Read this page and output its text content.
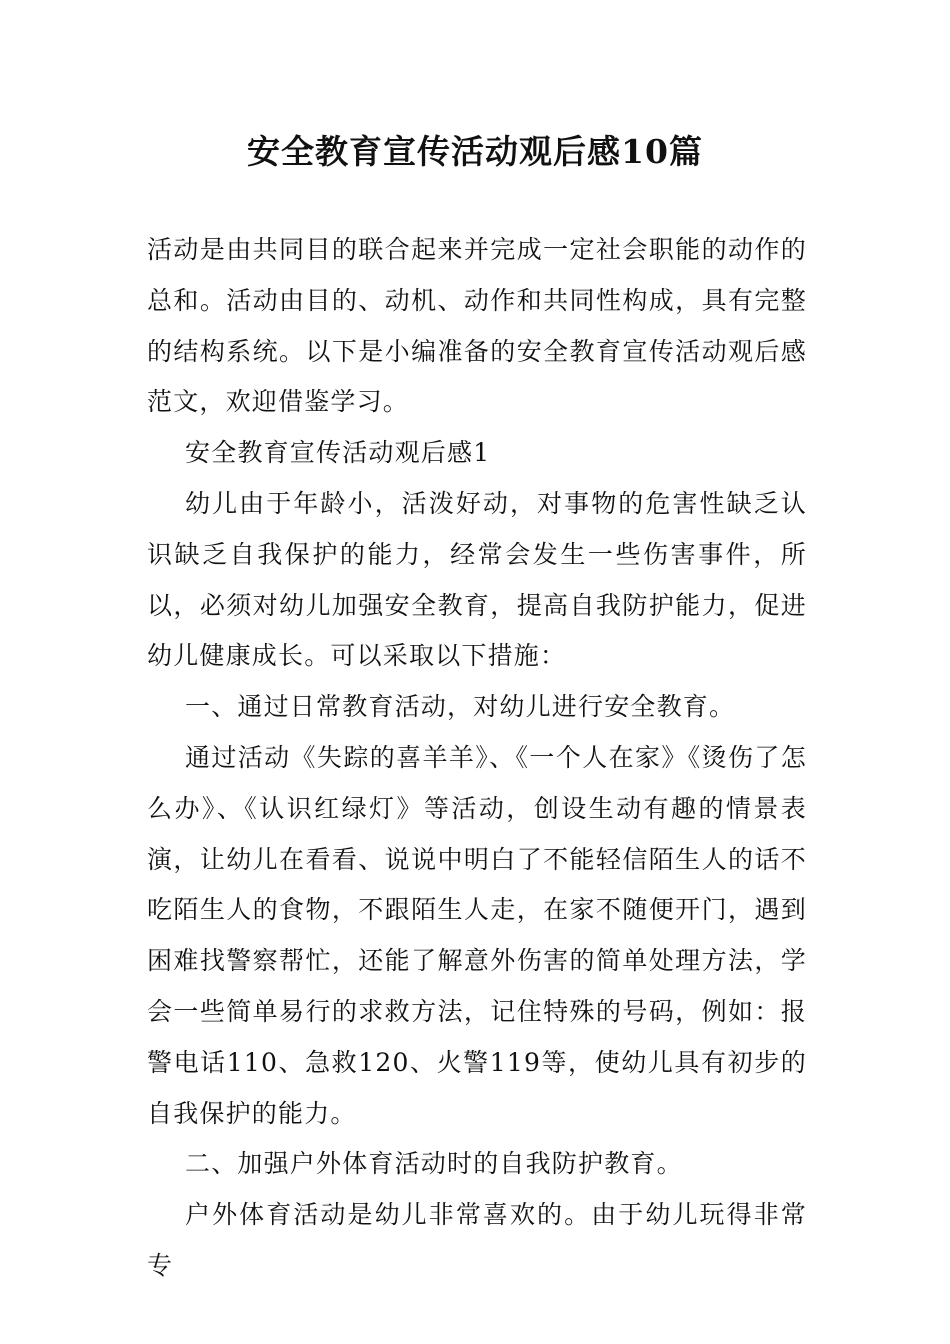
安全教育宣传活动观后感10篇

活动是由共同目的联合起来并完成一定社会职能的动作的总和。活动由目的、动机、动作和共同性构成，具有完整的结构系统。以下是小编准备的安全教育宣传活动观后感范文，欢迎借鉴学习。

安全教育宣传活动观后感1

幼儿由于年龄小，活泼好动，对事物的危害性缺乏认识缺乏自我保护的能力，经常会发生一些伤害事件，所以，必须对幼儿加强安全教育，提高自我防护能力，促进幼儿健康成长。可以采取以下措施：

一、通过日常教育活动，对幼儿进行安全教育。

通过活动《失踪的喜羊羊》、《一个人在家》《烫伤了怎么办》、《认识红绿灯》等活动，创设生动有趣的情景表演，让幼儿在看看、说说中明白了不能轻信陌生人的话不吃陌生人的食物，不跟陌生人走，在家不随便开门，遇到困难找警察帮忙，还能了解意外伤害的简单处理方法，学会一些简单易行的求救方法，记住特殊的号码，例如：报警电话110、急救120、火警119等，使幼儿具有初步的自我保护的能力。

二、加强户外体育活动时的自我防护教育。

户外体育活动是幼儿非常喜欢的。由于幼儿玩得非常专
